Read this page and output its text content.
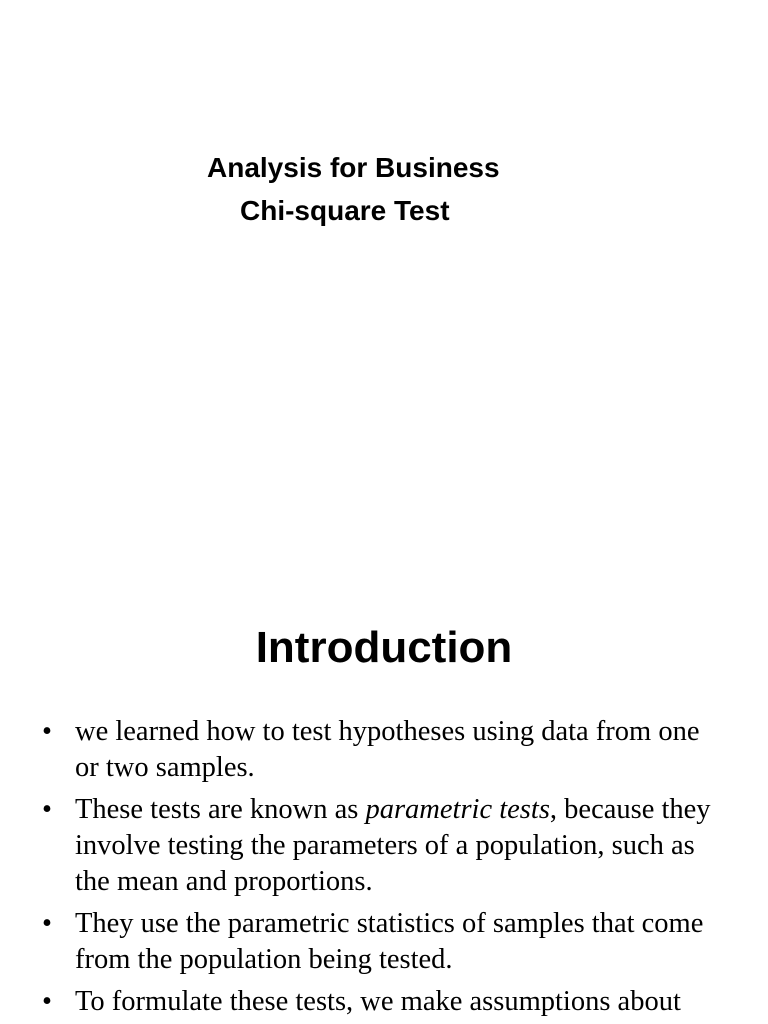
Analysis for Business
Chi-square Test
Introduction
• we learned how to test hypotheses using data from one or two samples.
• These tests are known as parametric tests, because they involve testing the parameters of a population, such as the mean and proportions.
• They use the parametric statistics of samples that come from the population being tested.
• To formulate these tests, we make assumptions about
